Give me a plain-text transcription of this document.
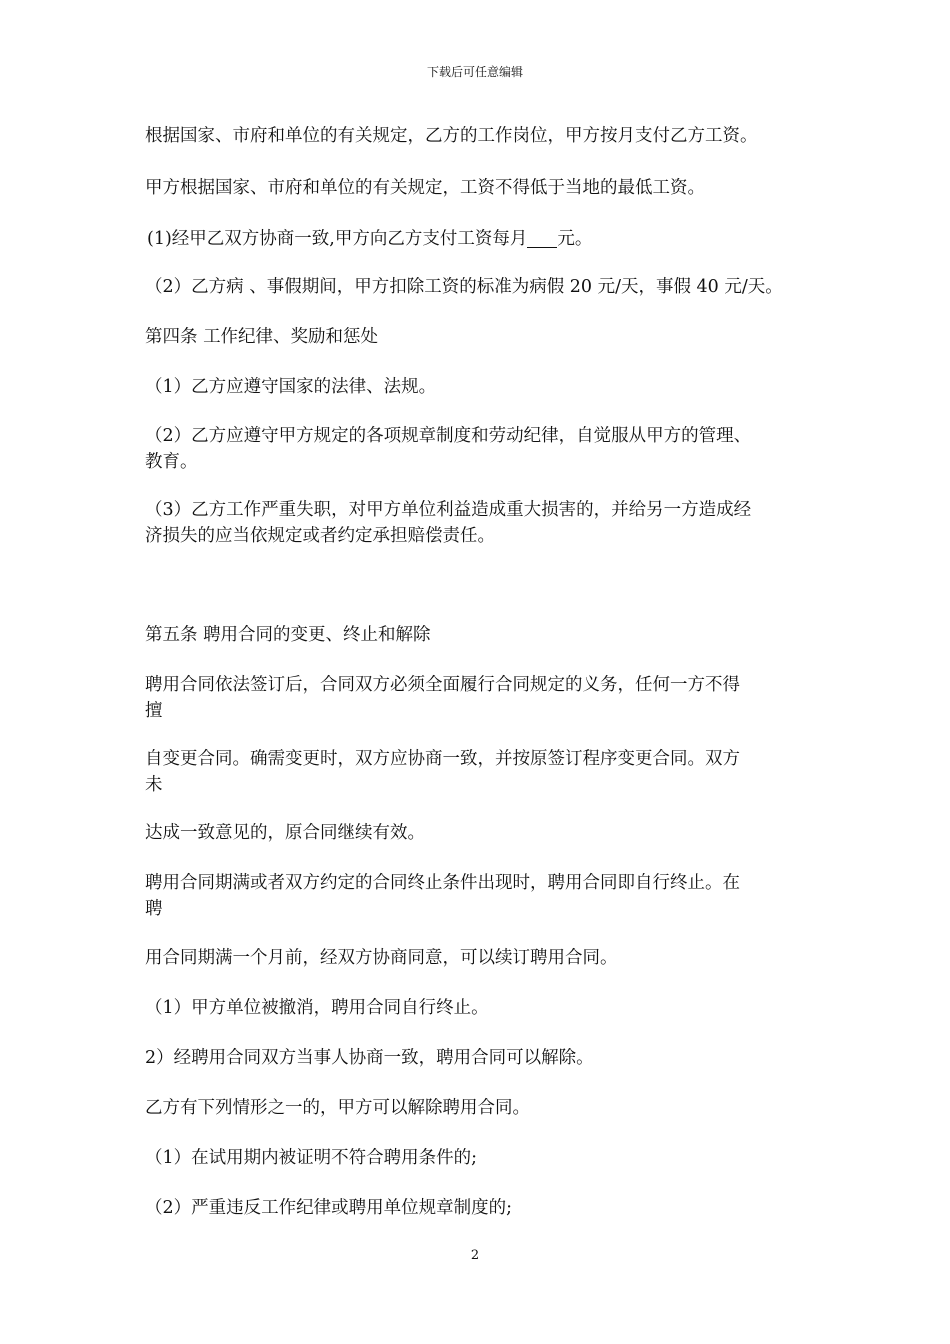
下载后可任意编辑
根据国家、市府和单位的有关规定，乙方的工作岗位，甲方按月支付乙方工资。
甲方根据国家、市府和单位的有关规定，工资不得低于当地的最低工资。
(1)经甲乙双方协商一致,甲方向乙方支付工资每月 元。
（2）乙方病 、事假期间，甲方扣除工资的标准为病假 20 元/天，事假 40 元/天。
第四条 工作纪律、奖励和惩处
（1）乙方应遵守国家的法律、法规。
（2）乙方应遵守甲方规定的各项规章制度和劳动纪律，自觉服从甲方的管理、
教育。
（3）乙方工作严重失职，对甲方单位利益造成重大损害的，并给另一方造成经
济损失的应当依规定或者约定承担赔偿责任。
第五条 聘用合同的变更、终止和解除
聘用合同依法签订后，合同双方必须全面履行合同规定的义务，任何一方不得
擅
自变更合同。确需变更时，双方应协商一致，并按原签订程序变更合同。双方
未
达成一致意见的，原合同继续有效。
聘用合同期满或者双方约定的合同终止条件出现时，聘用合同即自行终止。在
聘
用合同期满一个月前，经双方协商同意，可以续订聘用合同。
（1）甲方单位被撤消，聘用合同自行终止。
2）经聘用合同双方当事人协商一致，聘用合同可以解除。
乙方有下列情形之一的，甲方可以解除聘用合同。
（1）在试用期内被证明不符合聘用条件的;
（2）严重违反工作纪律或聘用单位规章制度的;
2
